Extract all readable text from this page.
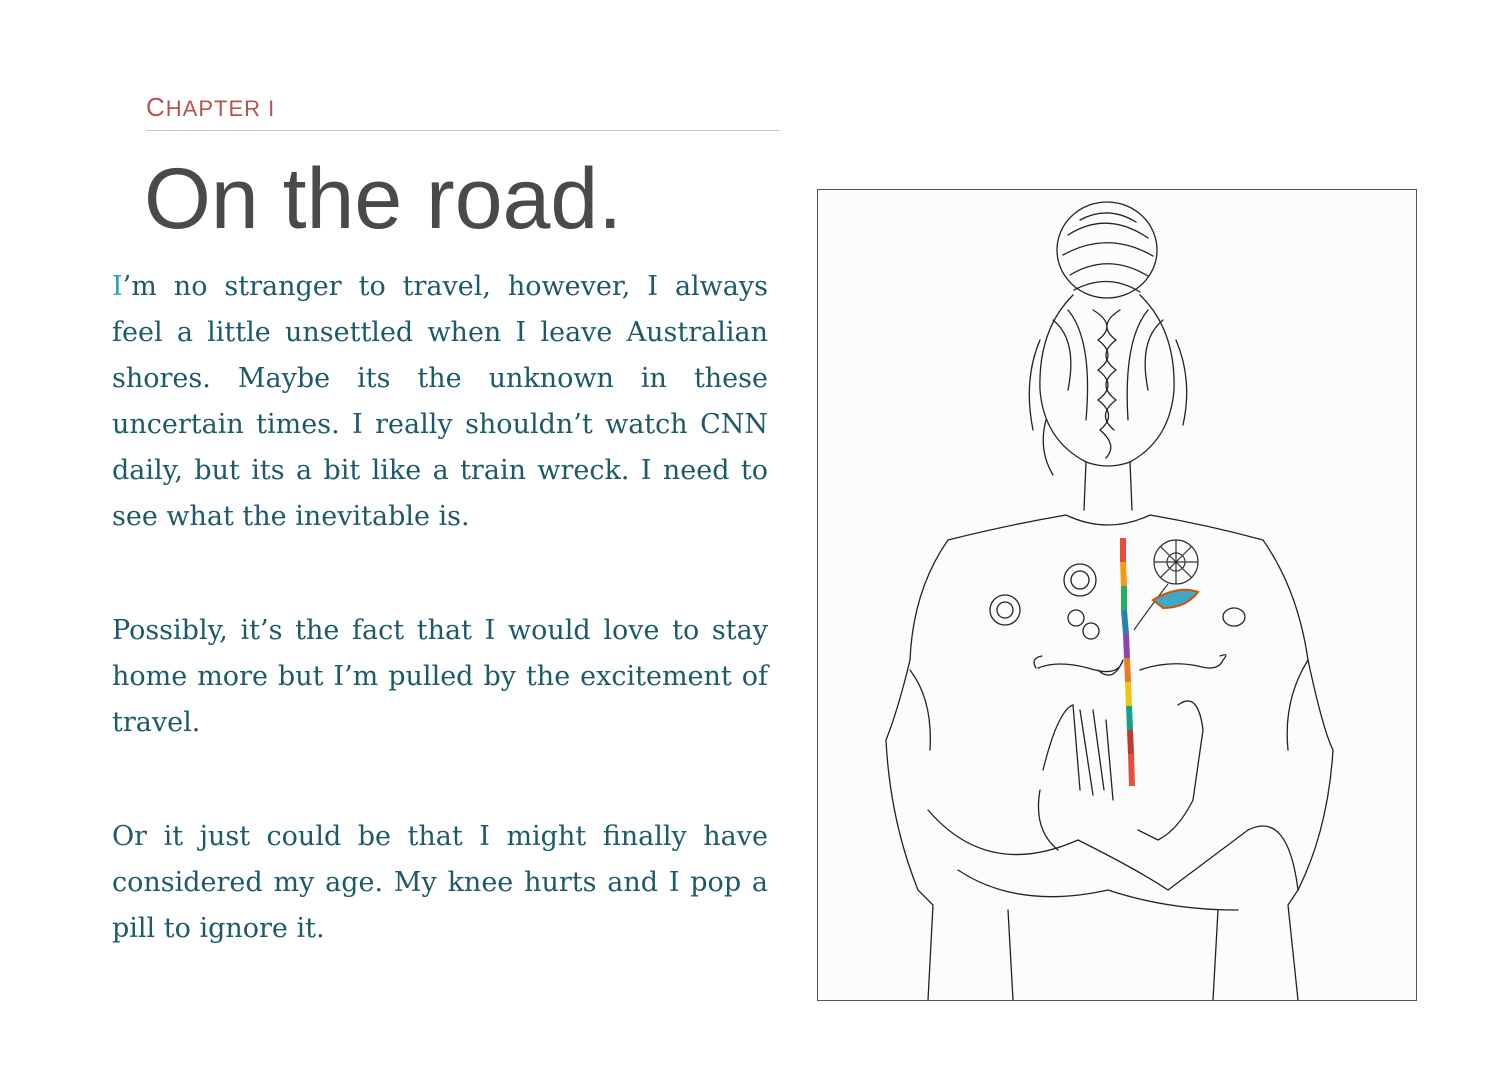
CHAPTER I
On the road.

I’m no stranger to travel, however, I always feel a little unsettled when I leave Australian shores. Maybe its the unknown in these uncertain times. I really shouldn’t watch CNN daily, but its a bit like a train wreck. I need to see what the inevitable is.

Possibly, it’s the fact that I would love to stay home more but I’m pulled by the excitement of travel.

Or it just could be that I might finally have considered my age. My knee hurts and I pop a pill to ignore it.
